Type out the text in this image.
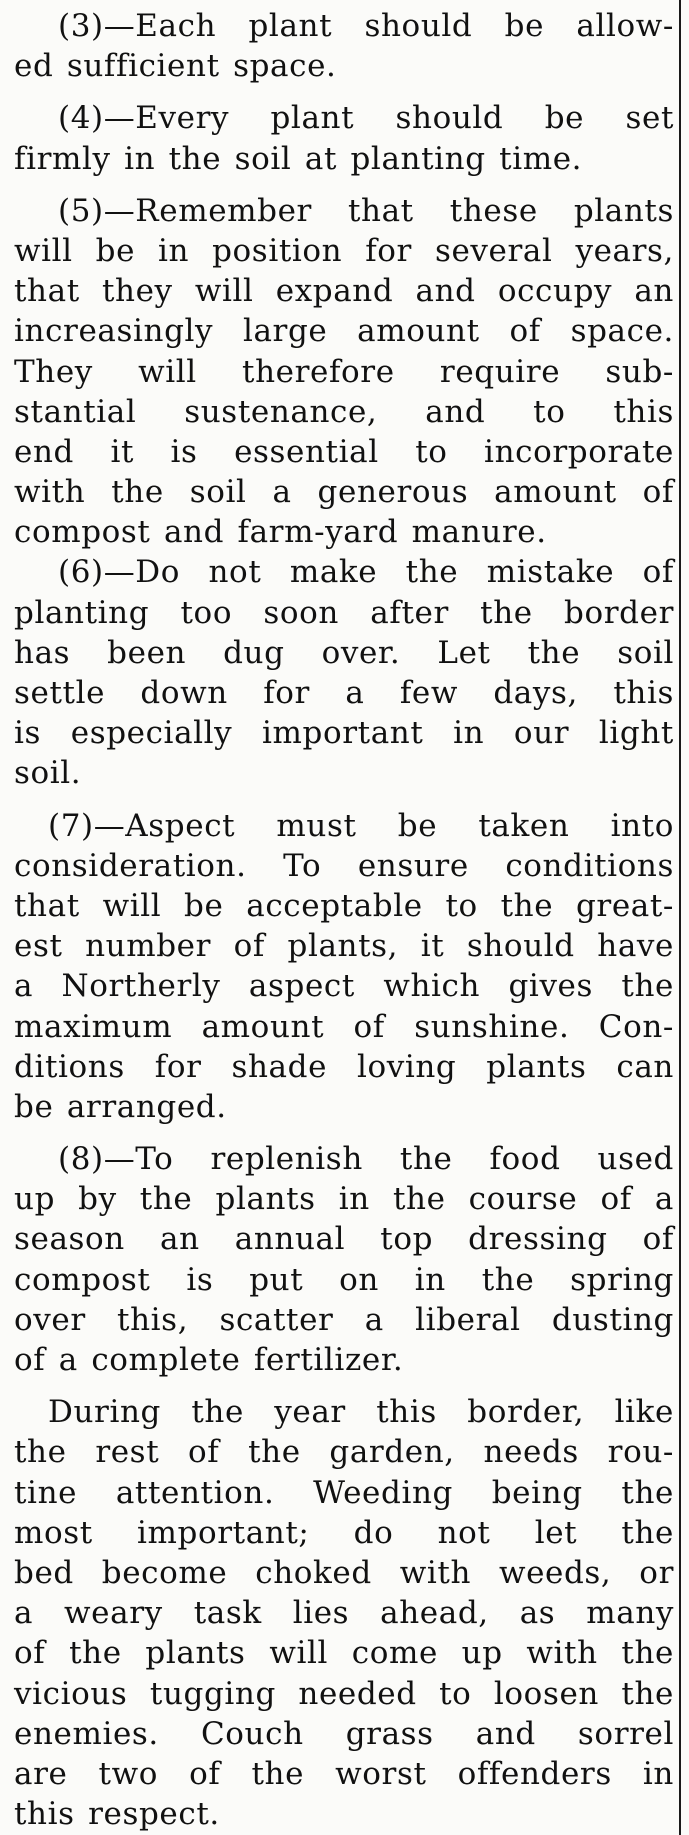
(3)—Each plant should be allow-
ed sufficient space.
(4)—Every plant should be set
firmly in the soil at planting time.
(5)—Remember that these plants
will be in position for several years,
that they will expand and occupy an
increasingly large amount of space.
They will therefore require sub-
stantial sustenance, and to this
end it is essential to incorporate
with the soil a generous amount of
compost and farm-yard manure.
(6)—Do not make the mistake of
planting too soon after the border
has been dug over. Let the soil
settle down for a few days, this
is especially important in our light
soil.
(7)—Aspect must be taken into
consideration. To ensure conditions
that will be acceptable to the great-
est number of plants, it should have
a Northerly aspect which gives the
maximum amount of sunshine. Con-
ditions for shade loving plants can
be arranged.
(8)—To replenish the food used
up by the plants in the course of a
season an annual top dressing of
compost is put on in the spring
over this, scatter a liberal dusting
of a complete fertilizer.
During the year this border, like
the rest of the garden, needs rou-
tine attention. Weeding being the
most important; do not let the
bed become choked with weeds, or
a weary task lies ahead, as many
of the plants will come up with the
vicious tugging needed to loosen the
enemies. Couch grass and sorrel
are two of the worst offenders in
this respect.
